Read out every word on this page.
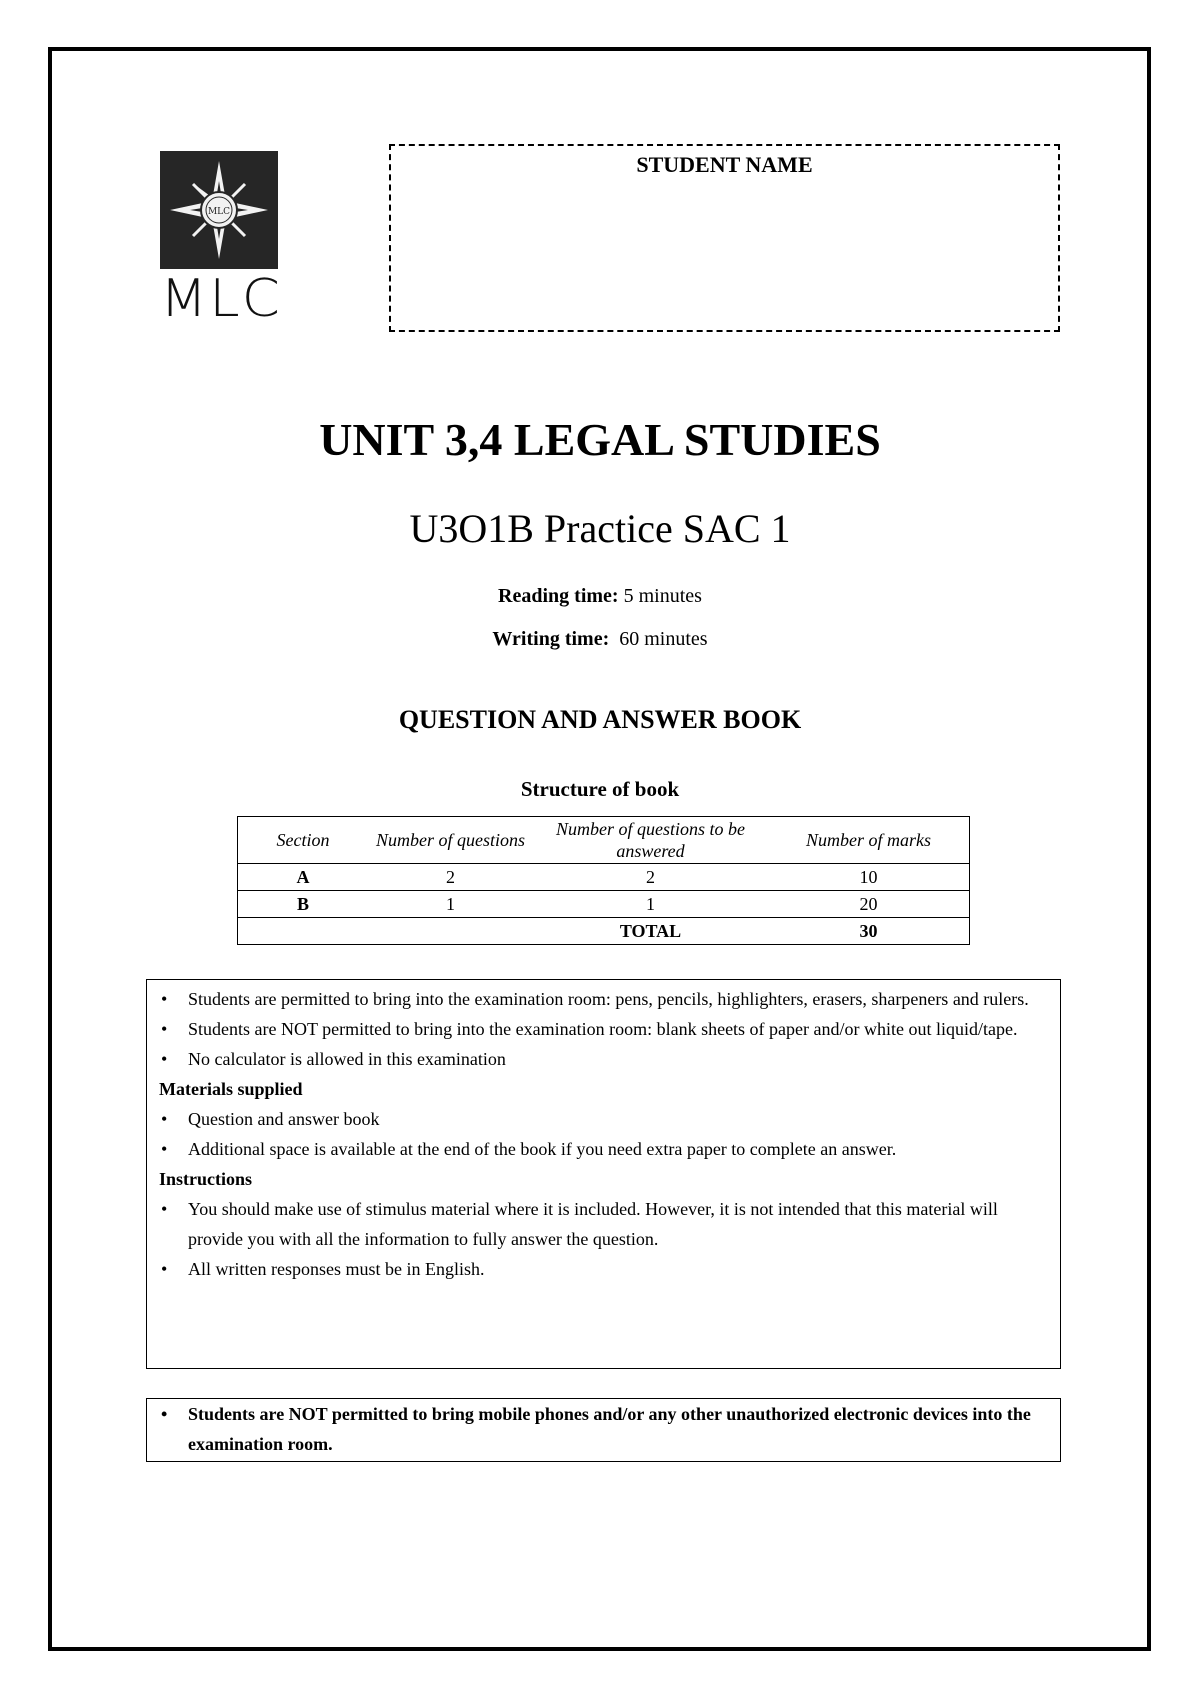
MLC
MLC
STUDENT NAME
UNIT 3,4 LEGAL STUDIES
U3O1B Practice SAC 1
Reading time: 5 minutes
Writing time: 60 minutes
QUESTION AND ANSWER BOOK
Structure of book
Section	Number of questions	Number of questions to be answered	Number of marks
A	2	2	10
B	1	1	20
		TOTAL	30
• Students are permitted to bring into the examination room: pens, pencils, highlighters, erasers, sharpeners and rulers.
• Students are NOT permitted to bring into the examination room: blank sheets of paper and/or white out liquid/tape.
• No calculator is allowed in this examination
Materials supplied
• Question and answer book
• Additional space is available at the end of the book if you need extra paper to complete an answer.
Instructions
• You should make use of stimulus material where it is included. However, it is not intended that this material will provide you with all the information to fully answer the question.
• All written responses must be in English.
• Students are NOT permitted to bring mobile phones and/or any other unauthorized electronic devices into the examination room.
